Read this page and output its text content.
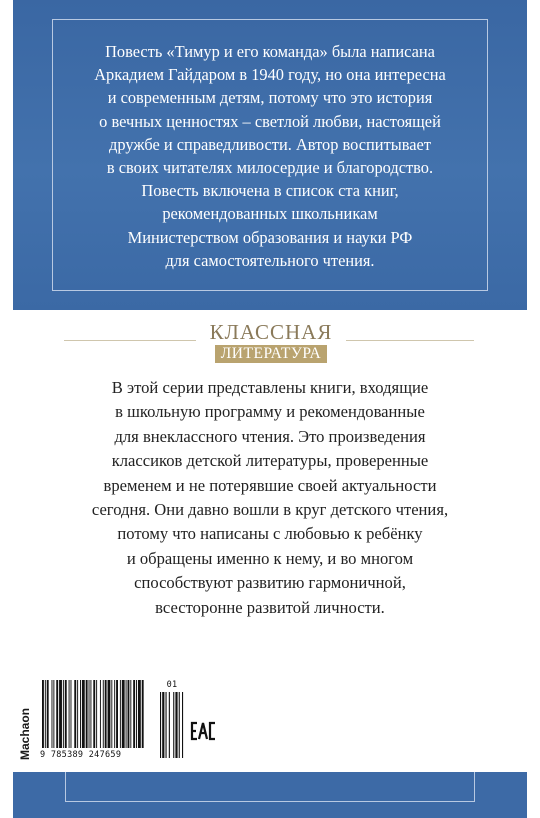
Повесть «Тимур и его команда» была написана
Аркадием Гайдаром в 1940 году, но она интересна
и современным детям, потому что это история
о вечных ценностях – светлой любви, настоящей
дружбе и справедливости. Автор воспитывает
в своих читателях милосердие и благородство.
Повесть включена в список ста книг,
рекомендованных школьникам
Министерством образования и науки РФ
для самостоятельного чтения.
КЛАССНАЯ
ЛИТЕРАТУРА
В этой серии представлены книги, входящие
в школьную программу и рекомендованные
для внеклассного чтения. Это произведения
классиков детской литературы, проверенные
временем и не потерявшие своей актуальности
сегодня. Они давно вошли в круг детского чтения,
потому что написаны с любовью к ребёнку
и обращены именно к нему, и во многом
способствуют развитию гармоничной,
всесторонне развитой личности.
Machaon 9 785389 247659
01
